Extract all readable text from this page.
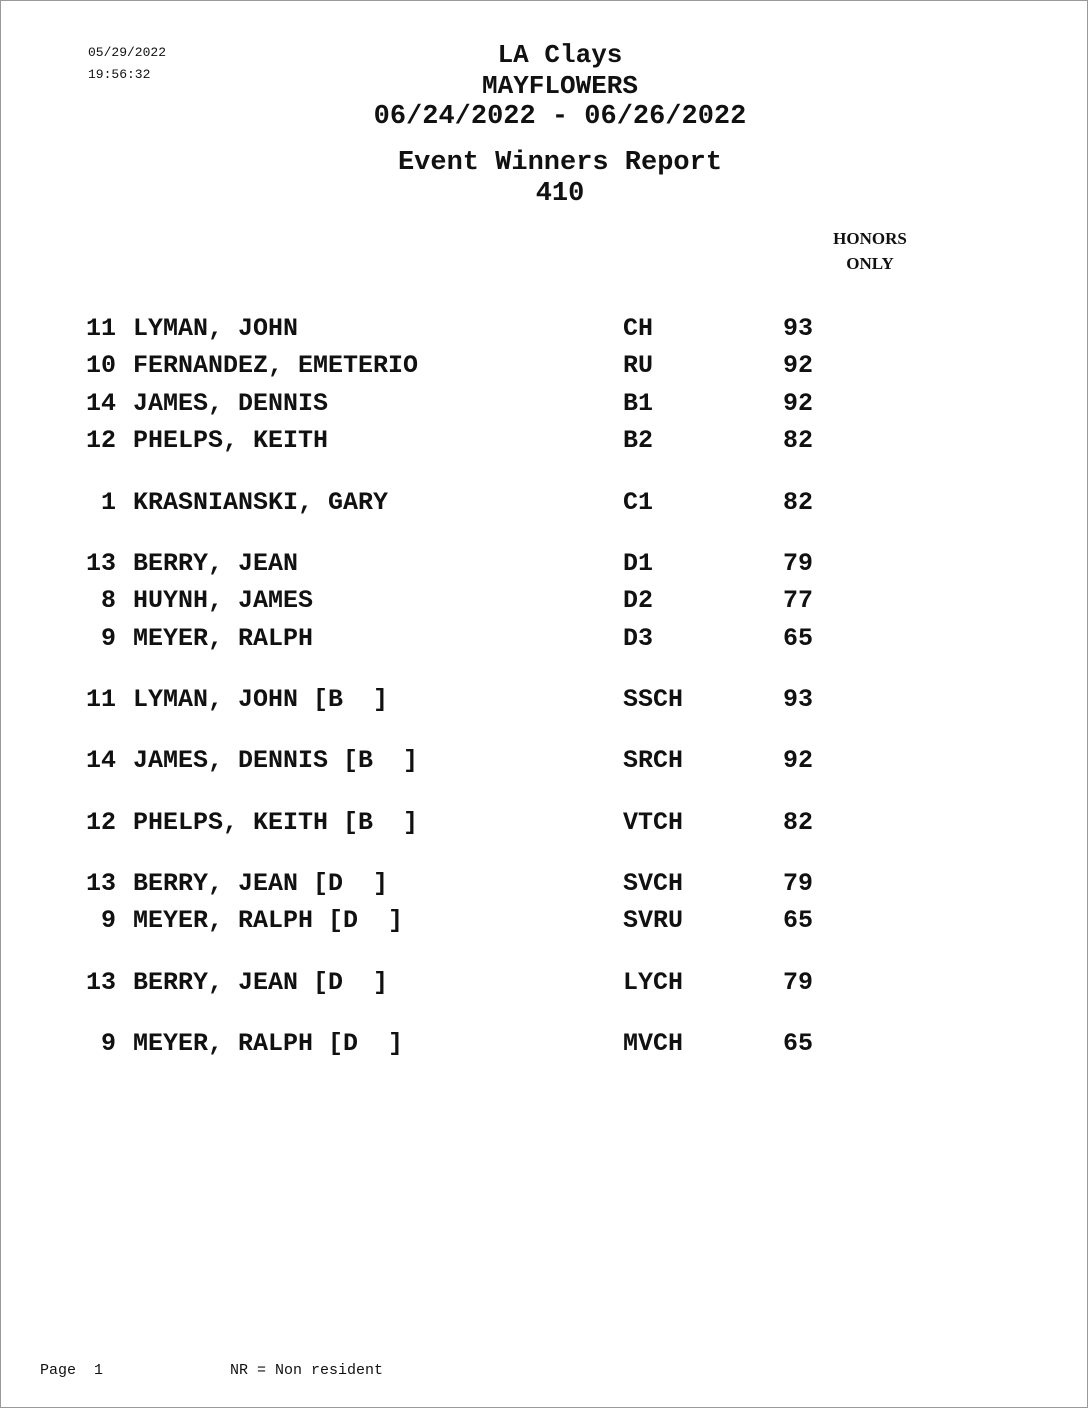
05/29/2022
19:56:32
LA Clays
MAYFLOWERS
06/24/2022 - 06/26/2022
Event Winners Report
410
HONORS
ONLY
11 LYMAN, JOHN	CH	93
10 FERNANDEZ, EMETERIO	RU	92
14 JAMES, DENNIS	B1	92
12 PHELPS, KEITH	B2	82
1 KRASNIANSKI, GARY	C1	82
13 BERRY, JEAN	D1	79
8 HUYNH, JAMES	D2	77
9 MEYER, RALPH	D3	65
11 LYMAN, JOHN [B  ]	SSCH	93
14 JAMES, DENNIS [B  ]	SRCH	92
12 PHELPS, KEITH [B  ]	VTCH	82
13 BERRY, JEAN [D  ]	SVCH	79
9 MEYER, RALPH [D  ]	SVRU	65
13 BERRY, JEAN [D  ]	LYCH	79
9 MEYER, RALPH [D  ]	MVCH	65
Page  1	NR = Non resident
